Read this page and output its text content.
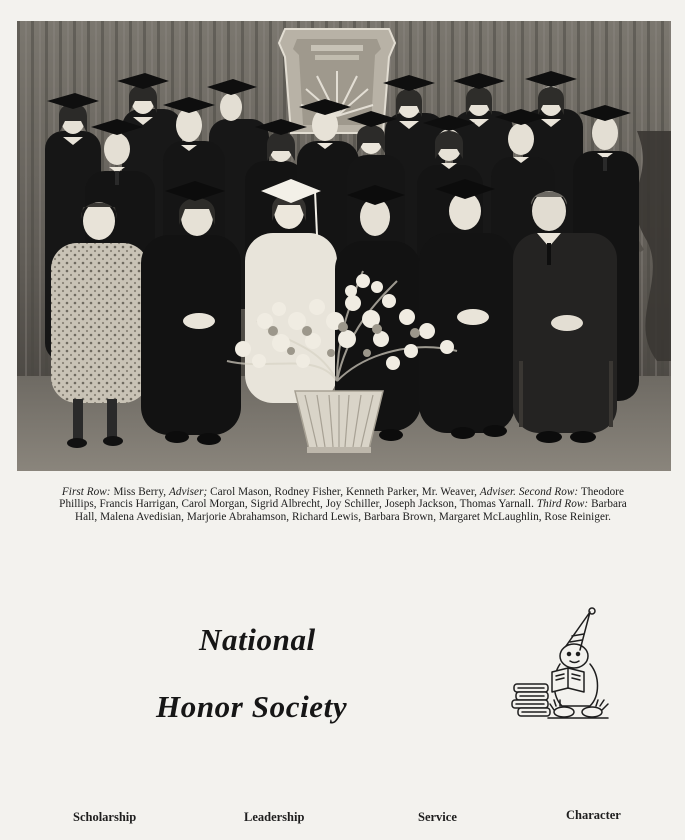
First Row: Miss Berry, Adviser; Carol Mason, Rodney Fisher, Kenneth Parker, Mr. Weaver, Adviser. Second Row: Theodore Phillips, Francis Harrigan, Carol Morgan, Sigrid Albrecht, Joy Schiller, Joseph Jackson, Thomas Yarnall. Third Row: Barbara Hall, Malena Avedisian, Marjorie Abrahamson, Richard Lewis, Barbara Brown, Margaret McLaughlin, Rose Reiniger.
National
Honor Society
Scholarship	Leadership	Service	Character
